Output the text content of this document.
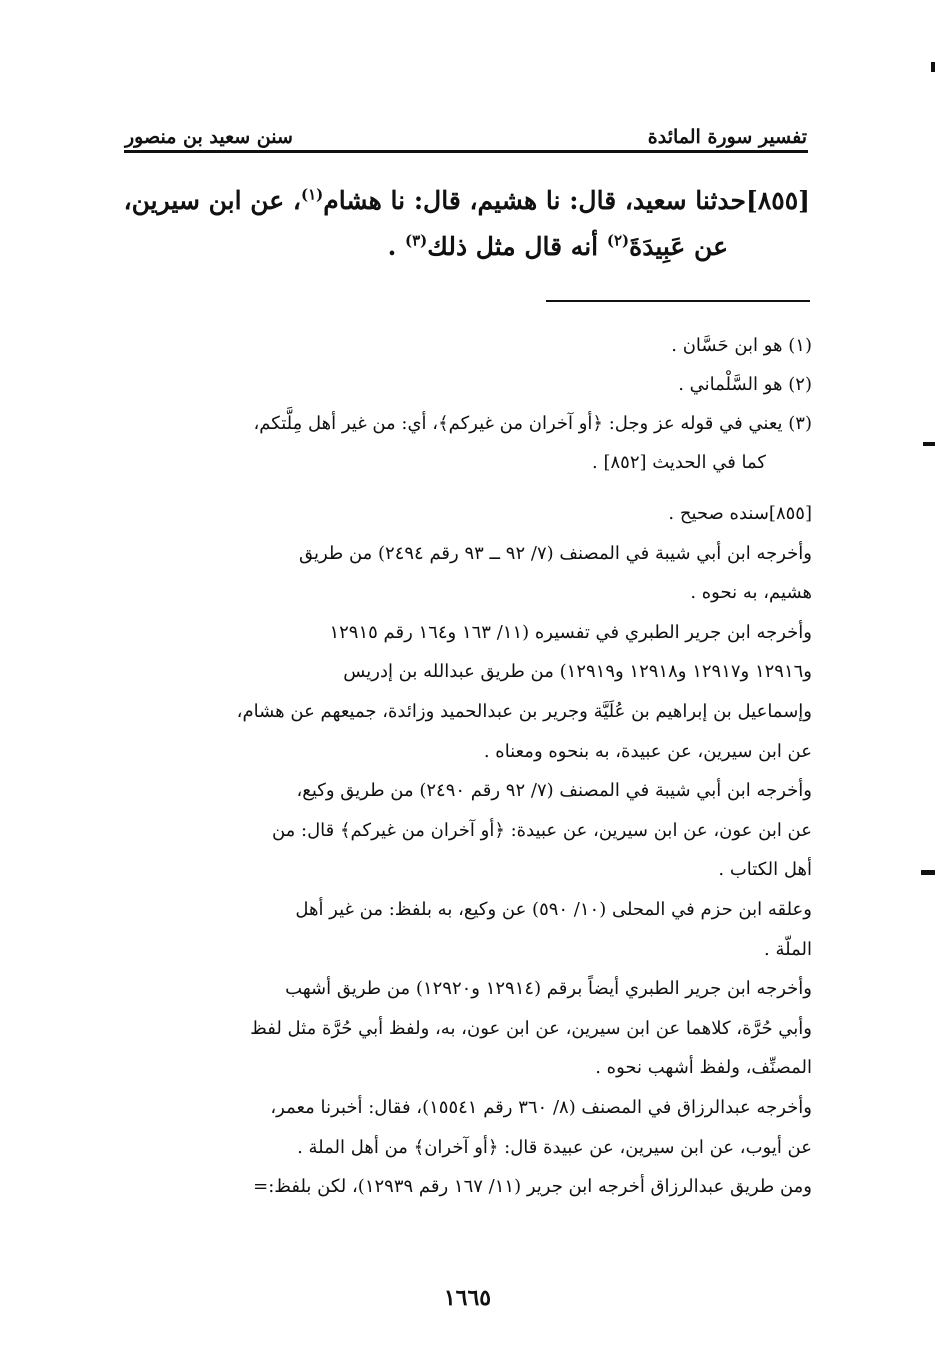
تفسير سورة المائدة
سنن سعيد بن منصور
[٨٥٥]حدثنا سعيد، قال: نا هشيم، قال: نا هشام$^{(١)}$، عن ابن سيرين،
عن عَبِيدَةَ$^{(٢)}$ أنه قال مثل ذلك$^{(٣)}$ .
(١) هو ابن حَسَّان .
(٢) هو السَّلْماني .
(٣) يعني في قوله عز وجل: ﴿أو آخران من غيركم﴾، أي: من غير أهل مِلَّتكم،
كما في الحديث [٨٥٢] .
[٨٥٥]سنده صحيح .
وأخرجه ابن أبي شيبة في المصنف (٧/ ٩٢ ــ ٩٣ رقم ٢٤٩٤) من طريق
هشيم، به نحوه .
وأخرجه ابن جرير الطبري في تفسيره (١١/ ١٦٣ و١٦٤ رقم ١٢٩١٥
و١٢٩١٦ و١٢٩١٧ و١٢٩١٨ و١٢٩١٩) من طريق عبدالله بن إدريس
وإسماعيل بن إبراهيم بن عُلَيَّة وجرير بن عبدالحميد وزائدة، جميعهم عن هشام،
عن ابن سيرين، عن عبيدة، به بنحوه ومعناه .
وأخرجه ابن أبي شيبة في المصنف (٧/ ٩٢ رقم ٢٤٩٠) من طريق وكيع،
عن ابن عون، عن ابن سيرين، عن عبيدة: ﴿أو آخران من غيركم﴾ قال: من
أهل الكتاب .
وعلقه ابن حزم في المحلى (١٠/ ٥٩٠) عن وكيع، به بلفظ: من غير أهل
الملّة .
وأخرجه ابن جرير الطبري أيضاً برقم (١٢٩١٤ و١٢٩٢٠) من طريق أشهب
وأبي حُرَّة، كلاهما عن ابن سيرين، عن ابن عون، به، ولفظ أبي حُرَّة مثل لفظ
المصنِّف، ولفظ أشهب نحوه .
وأخرجه عبدالرزاق في المصنف (٨/ ٣٦٠ رقم ١٥٥٤١)، فقال: أخبرنا معمر،
عن أيوب، عن ابن سيرين، عن عبيدة قال: ﴿أو آخران﴾ من أهل الملة .
ومن طريق عبدالرزاق أخرجه ابن جرير (١١/ ١٦٧ رقم ١٢٩٣٩)، لكن بلفظ:=
١٦٦٥
